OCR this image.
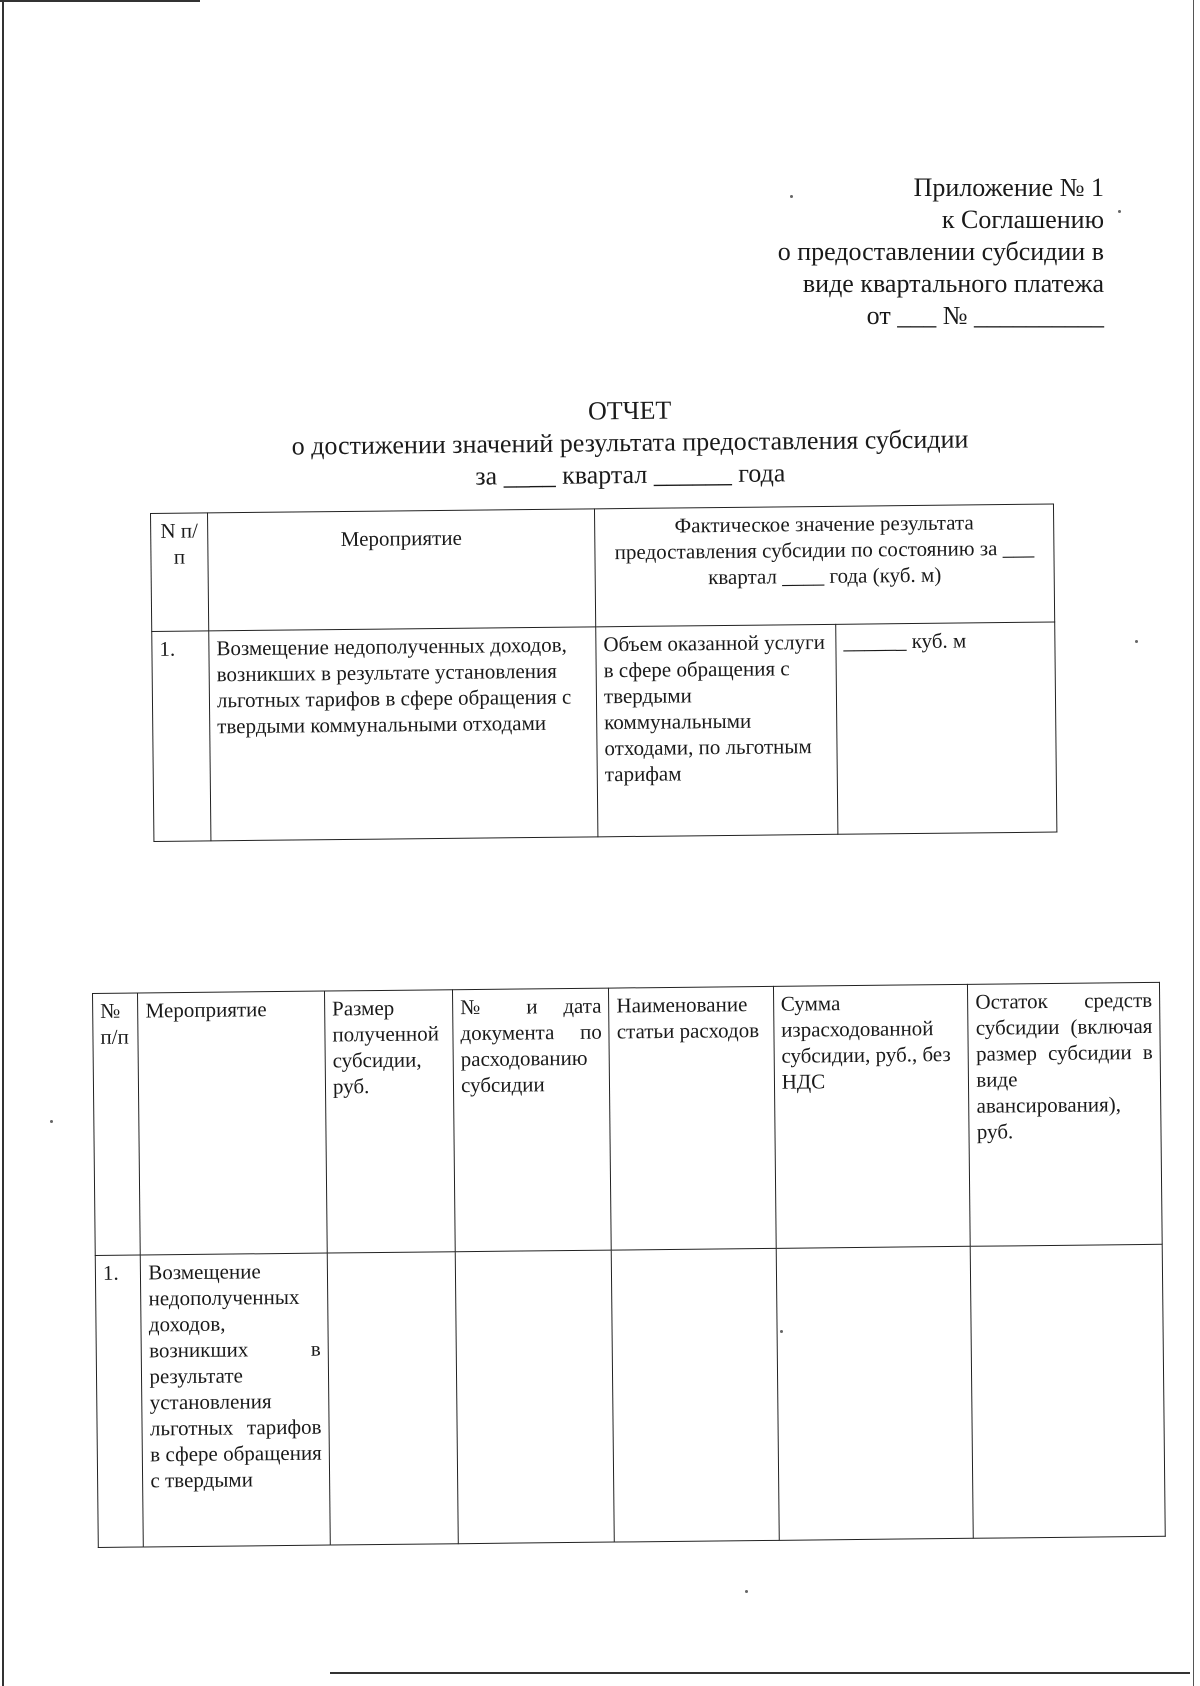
Приложение № 1
к Соглашению
о предоставлении субсидии в
виде квартального платежа
от ___ № __________
ОТЧЕТ
о достижении значений результата предоставления субсидии
за ____ квартал ______ года
N п/п	Мероприятие	Фактическое значение результата предоставления субсидии по состоянию за ___ квартал ____ года (куб. м)	
1.	Возмещение недополученных доходов, возникших в результате установления льготных тарифов в сфере обращения с твердыми коммунальными отходами	Объем оказанной услуги в сфере обращения с твердыми коммунальными отходами, по льготным тарифам	______ куб. м
№ п/п	Мероприятие	Размер полученной субсидии, руб.	№ и дата документа по расходованию субсидии	Наименование статьи расходов	Сумма израсходованной субсидии, руб., без НДС	Остаток средств субсидии (включая размер субсидии в виде авансирования), руб.
1.	Возмещение недополученных доходов, возникших в результате установления льготных тарифов в сфере обращения с твердыми					
